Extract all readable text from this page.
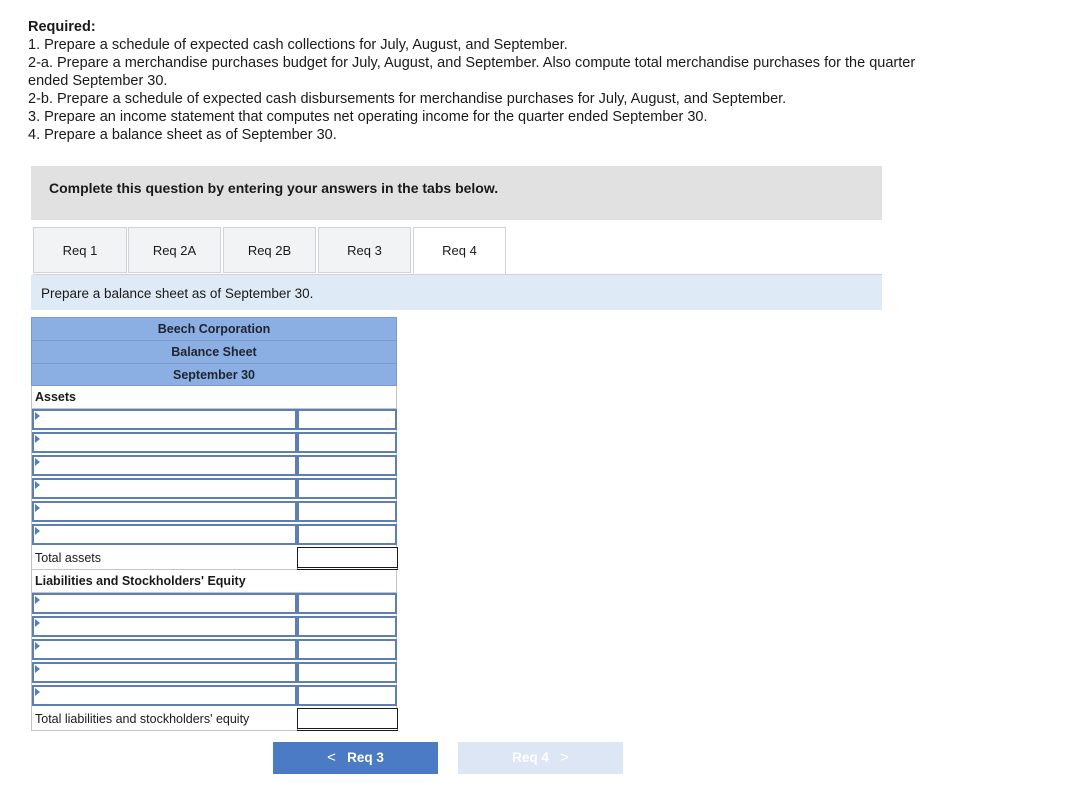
Required:
1. Prepare a schedule of expected cash collections for July, August, and September.
2-a. Prepare a merchandise purchases budget for July, August, and September. Also compute total merchandise purchases for the quarter ended September 30.
2-b. Prepare a schedule of expected cash disbursements for merchandise purchases for July, August, and September.
3. Prepare an income statement that computes net operating income for the quarter ended September 30.
4. Prepare a balance sheet as of September 30.
Complete this question by entering your answers in the tabs below.
Req 1	Req 2A	Req 2B	Req 3	Req 4
Prepare a balance sheet as of September 30.
Beech Corporation
Balance Sheet
September 30
Assets
Total assets
Liabilities and Stockholders' Equity
Total liabilities and stockholders' equity
< Req 3	Req 4 >
